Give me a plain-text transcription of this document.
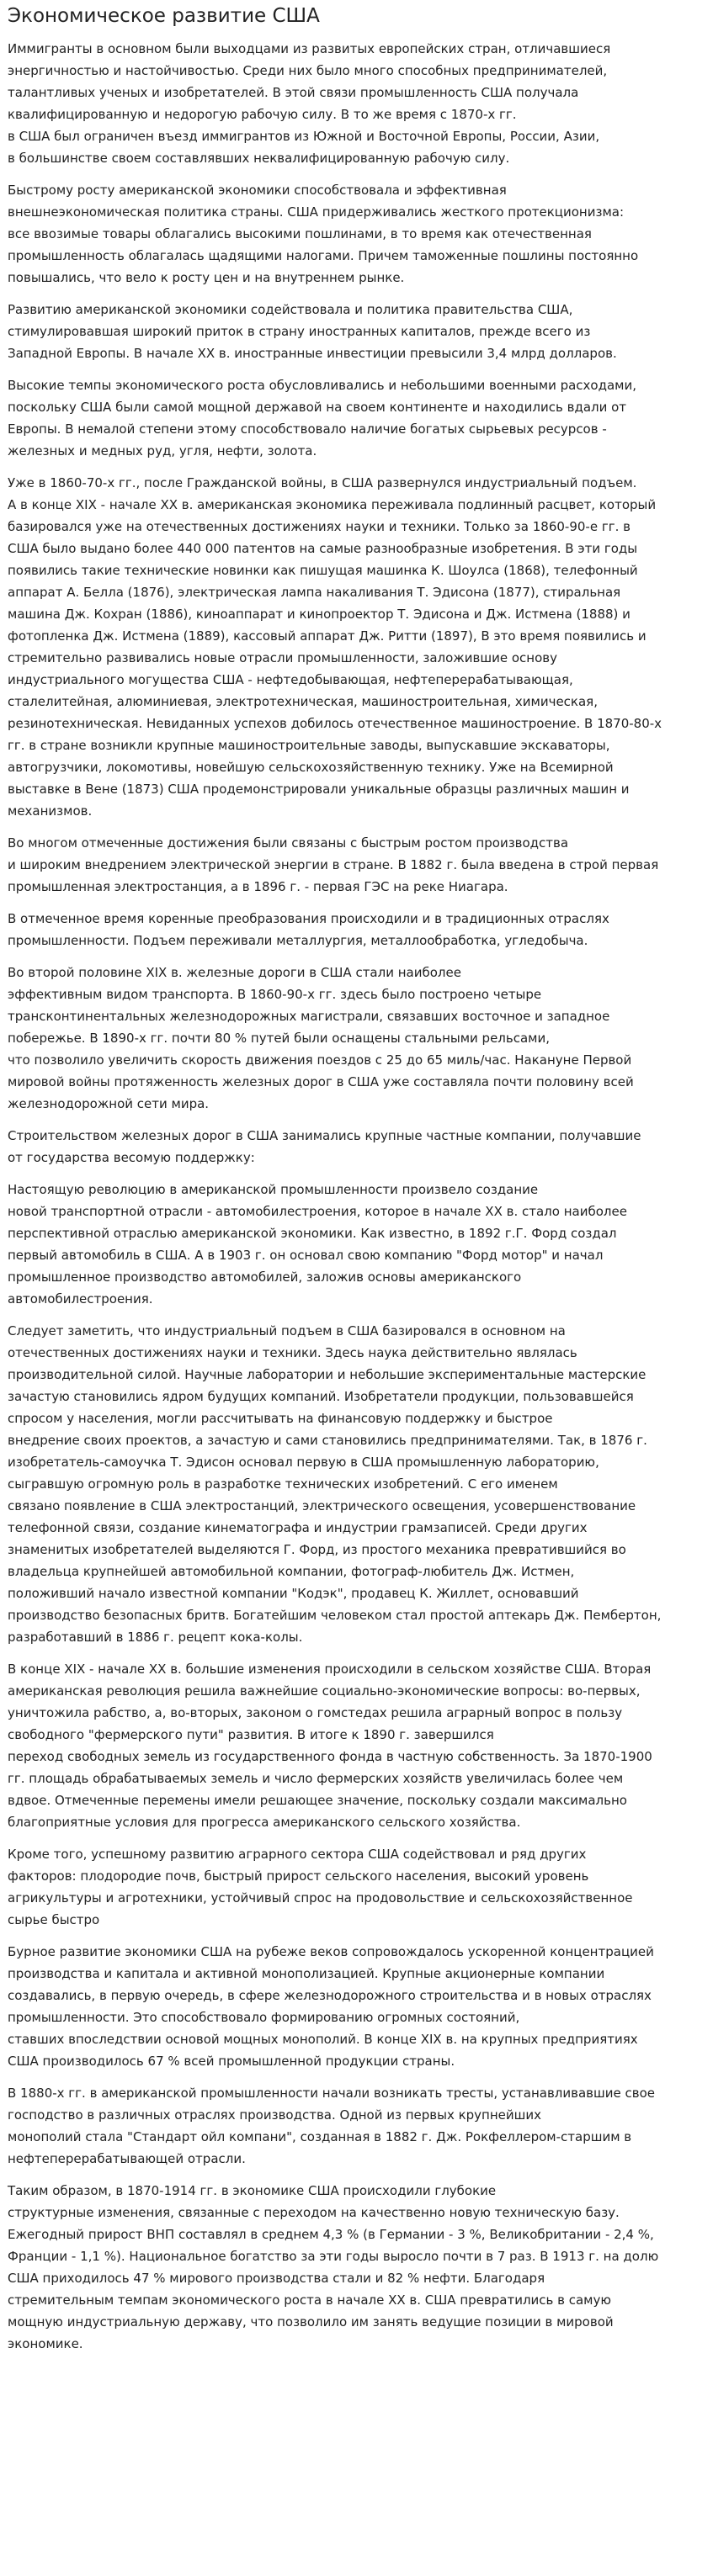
Экономическое развитие США

Иммигранты в основном были выходцами из развитых европейских стран, отличавшиеся
энергичностью и настойчивостью. Среди них было много способных предпринимателей,
талантливых ученых и изобретателей. В этой связи промышленность США получала
квалифицированную и недорогую рабочую силу. В то же время с 1870-х гг.
в США был ограничен въезд иммигрантов из Южной и Восточной Европы, России, Азии,
в большинстве своем составлявших неквалифицированную рабочую силу.

Быстрому росту американской экономики способствовала и эффективная
внешнеэкономическая политика страны. США придерживались жесткого протекционизма:
все ввозимые товары облагались высокими пошлинами, в то время как отечественная
промышленность облагалась щадящими налогами. Причем таможенные пошлины постоянно
повышались, что вело к росту цен и на внутреннем рынке.

Развитию американской экономики содействовала и политика правительства США,
стимулировавшая широкий приток в страну иностранных капиталов, прежде всего из
Западной Европы. В начале XX в. иностранные инвестиции превысили 3,4 млрд долларов.

Высокие темпы экономического роста обусловливались и небольшими военными расходами,
поскольку США были самой мощной державой на своем континенте и находились вдали от
Европы. В немалой степени этому способствовало наличие богатых сырьевых ресурсов -
железных и медных руд, угля, нефти, золота.

Уже в 1860-70-х гг., после Гражданской войны, в США развернулся индустриальный подъем.
А в конце XIX - начале XX в. американская экономика переживала подлинный расцвет, который
базировался уже на отечественных достижениях науки и техники. Только за 1860-90-е гг. в
США было выдано более 440 000 патентов на самые разнообразные изобретения. В эти годы
появились такие технические новинки как пишущая машинка К. Шоулса (1868), телефонный
аппарат А. Белла (1876), электрическая лампа накаливания Т. Эдисона (1877), стиральная
машина Дж. Кохран (1886), киноаппарат и кинопроектор Т. Эдисона и Дж. Истмена (1888) и
фотопленка Дж. Истмена (1889), кассовый аппарат Дж. Ритти (1897), В это время появились и
стремительно развивались новые отрасли промышленности, заложившие основу
индустриального могущества США - нефтедобывающая, нефтеперерабатывающая,
сталелитейная, алюминиевая, электротехническая, машиностроительная, химическая,
резинотехническая. Невиданных успехов добилось отечественное машиностроение. В 1870-80-х
гг. в стране возникли крупные машиностроительные заводы, выпускавшие экскаваторы,
автогрузчики, локомотивы, новейшую сельскохозяйственную технику. Уже на Всемирной
выставке в Вене (1873) США продемонстрировали уникальные образцы различных машин и
механизмов.

Во многом отмеченные достижения были связаны с быстрым ростом производства
и широким внедрением электрической энергии в стране. В 1882 г. была введена в строй первая
промышленная электростанция, а в 1896 г. - первая ГЭС на реке Ниагара.

В отмеченное время коренные преобразования происходили и в традиционных отраслях
промышленности. Подъем переживали металлургия, металлообработка, угледобыча.

Во второй половине XIX в. железные дороги в США стали наиболее
эффективным видом транспорта. В 1860-90-х гг. здесь было построено четыре
трансконтинентальных железнодорожных магистрали, связавших восточное и западное
побережье. В 1890-х гг. почти 80 % путей были оснащены стальными рельсами,
что позволило увеличить скорость движения поездов с 25 до 65 миль/час. Накануне Первой
мировой войны протяженность железных дорог в США уже составляла почти половину всей
железнодорожной сети мира.

Строительством железных дорог в США занимались крупные частные компании, получавшие
от государства весомую поддержку:

Настоящую революцию в американской промышленности произвело создание
новой транспортной отрасли - автомобилестроения, которое в начале XX в. стало наиболее
перспективной отраслью американской экономики. Как известно, в 1892 г.Г. Форд создал
первый автомобиль в США. А в 1903 г. он основал свою компанию "Форд мотор" и начал
промышленное производство автомобилей, заложив основы американского
автомобилестроения.

Следует заметить, что индустриальный подъем в США базировался в основном на
отечественных достижениях науки и техники. Здесь наука действительно являлась
производительной силой. Научные лаборатории и небольшие экспериментальные мастерские
зачастую становились ядром будущих компаний. Изобретатели продукции, пользовавшейся
спросом у населения, могли рассчитывать на финансовую поддержку и быстрое
внедрение своих проектов, а зачастую и сами становились предпринимателями. Так, в 1876 г.
изобретатель-самоучка Т. Эдисон основал первую в США промышленную лабораторию,
сыгравшую огромную роль в разработке технических изобретений. С его именем
связано появление в США электростанций, электрического освещения, усовершенствование
телефонной связи, создание кинематографа и индустрии грамзаписей. Среди других
знаменитых изобретателей выделяются Г. Форд, из простого механика превратившийся во
владельца крупнейшей автомобильной компании, фотограф-любитель Дж. Истмен,
положивший начало известной компании "Кодэк", продавец К. Жиллет, основавший
производство безопасных бритв. Богатейшим человеком стал простой аптекарь Дж. Пембертон,
разработавший в 1886 г. рецепт кока-колы.

В конце XIX - начале XX в. большие изменения происходили в сельском хозяйстве США. Вторая
американская революция решила важнейшие социально-экономические вопросы: во-первых,
уничтожила рабство, а, во-вторых, законом о гомстедах решила аграрный вопрос в пользу
свободного "фермерского пути" развития. В итоге к 1890 г. завершился
переход свободных земель из государственного фонда в частную собственность. За 1870-1900
гг. площадь обрабатываемых земель и число фермерских хозяйств увеличилась более чем
вдвое. Отмеченные перемены имели решающее значение, поскольку создали максимально
благоприятные условия для прогресса американского сельского хозяйства.

Кроме того, успешному развитию аграрного сектора США содействовал и ряд других
факторов: плодородие почв, быстрый прирост сельского населения, высокий уровень
агрикультуры и агротехники, устойчивый спрос на продовольствие и сельскохозяйственное
сырье быстро

Бурное развитие экономики США на рубеже веков сопровождалось ускоренной концентрацией
производства и капитала и активной монополизацией. Крупные акционерные компании
создавались, в первую очередь, в сфере железнодорожного строительства и в новых отраслях
промышленности. Это способствовало формированию огромных состояний,
ставших впоследствии основой мощных монополий. В конце XIX в. на крупных предприятиях
США производилось 67 % всей промышленной продукции страны.

В 1880-х гг. в американской промышленности начали возникать тресты, устанавливавшие свое
господство в различных отраслях производства. Одной из первых крупнейших
монополий стала "Стандарт ойл компани", созданная в 1882 г. Дж. Рокфеллером-старшим в
нефтеперерабатывающей отрасли.

Таким образом, в 1870-1914 гг. в экономике США происходили глубокие
структурные изменения, связанные с переходом на качественно новую техническую базу.
Ежегодный прирост ВНП составлял в среднем 4,3 % (в Германии - 3 %, Великобритании - 2,4 %,
Франции - 1,1 %). Национальное богатство за эти годы выросло почти в 7 раз. В 1913 г. на долю
США приходилось 47 % мирового производства стали и 82 % нефти. Благодаря
стремительным темпам экономического роста в начале XX в. США превратились в самую
мощную индустриальную державу, что позволило им занять ведущие позиции в мировой
экономике.
